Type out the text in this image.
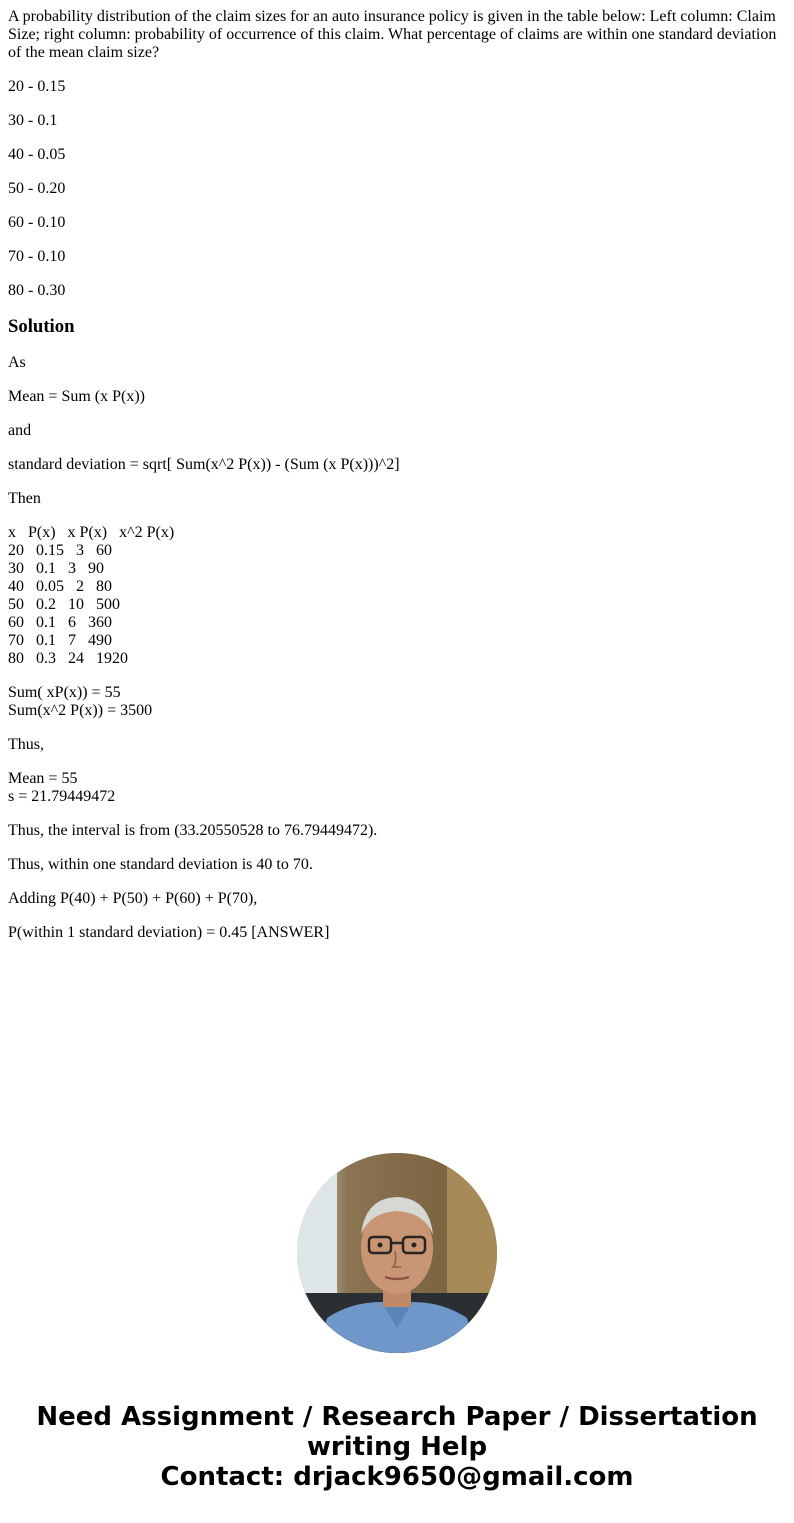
A probability distribution of the claim sizes for an auto insurance policy is given in the table below: Left column: Claim Size; right column: probability of occurrence of this claim. What percentage of claims are within one standard deviation of the mean claim size?

20 - 0.15

30 - 0.1

40 - 0.05

50 - 0.20

60 - 0.10

70 - 0.10

80 - 0.30

Solution

As

Mean = Sum (x P(x))

and

standard deviation = sqrt[ Sum(x^2 P(x)) - (Sum (x P(x)))^2]

Then

x   P(x)   x P(x)   x^2 P(x)
20   0.15   3   60
30   0.1   3   90
40   0.05   2   80
50   0.2   10   500
60   0.1   6   360
70   0.1   7   490
80   0.3   24   1920

Sum( xP(x)) = 55
Sum(x^2 P(x)) = 3500

Thus,

Mean = 55
s = 21.79449472

Thus, the interval is from (33.20550528 to 76.79449472).

Thus, within one standard deviation is 40 to 70.

Adding P(40) + P(50) + P(60) + P(70),

P(within 1 standard deviation) = 0.45 [ANSWER]

Need Assignment / Research Paper / Dissertation
writing Help
Contact: drjack9650@gmail.com
